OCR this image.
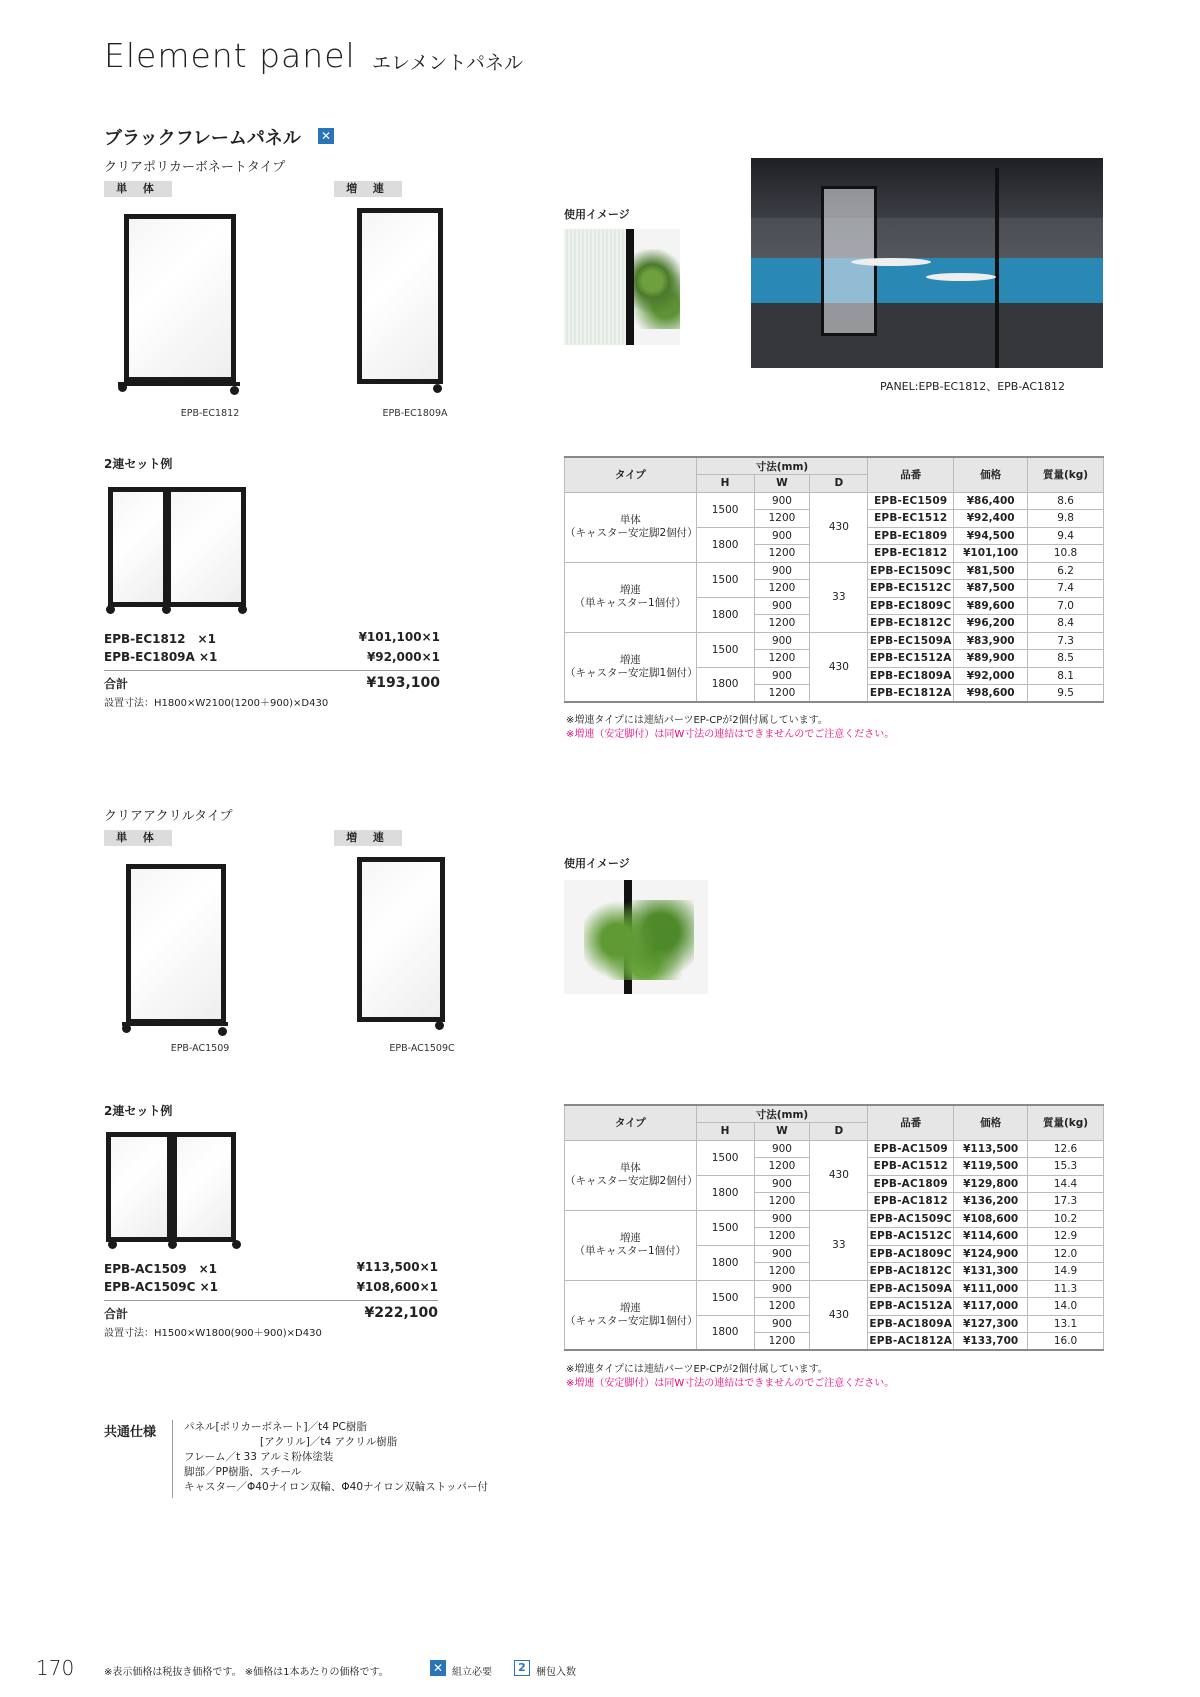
Element panel エレメントパネル
ブラックフレームパネル ✕
クリアポリカーボネートタイプ
単 体	増 連
EPB-EC1812	EPB-EC1809A
使用イメージ
PANEL:EPB-EC1812、EPB-AC1812
2連セット例
EPB-EC1812　×1	¥101,100×1
EPB-EC1809A ×1	¥92,000×1
合計	¥193,100
設置寸法：H1800×W2100(1200＋900)×D430
タイプ	寸法(mm)			品番	価格	質量(kg)
	H	W	D			

単体
（キャスター安定脚2個付）	1500	900	430	EPB-EC1509	¥86,400	8.6
		1200		EPB-EC1512	¥92,400	9.8
	1800	900		EPB-EC1809	¥94,500	9.4
		1200		EPB-EC1812	¥101,100	10.8

増連
（単キャスター1個付）	1500	900	33	EPB-EC1509C	¥81,500	6.2
		1200		EPB-EC1512C	¥87,500	7.4
	1800	900		EPB-EC1809C	¥89,600	7.0
		1200		EPB-EC1812C	¥96,200	8.4

増連
（キャスター安定脚1個付）	1500	900	430	EPB-EC1509A	¥83,900	7.3
		1200		EPB-EC1512A	¥89,900	8.5
	1800	900		EPB-EC1809A	¥92,000	8.1
		1200		EPB-EC1812A	¥98,600	9.5
※増連タイプには連結パーツEP-CPが2個付属しています。
※増連（安定脚付）は同W寸法の連結はできませんのでご注意ください。
クリアアクリルタイプ
単 体	増 連
EPB-AC1509	EPB-AC1509C
使用イメージ
2連セット例
EPB-AC1509　×1	¥113,500×1
EPB-AC1509C ×1	¥108,600×1
合計	¥222,100
設置寸法：H1500×W1800(900＋900)×D430
タイプ	寸法(mm)			品番	価格	質量(kg)
	H	W	D			

単体
（キャスター安定脚2個付）	1500	900	430	EPB-AC1509	¥113,500	12.6
		1200		EPB-AC1512	¥119,500	15.3
	1800	900		EPB-AC1809	¥129,800	14.4
		1200		EPB-AC1812	¥136,200	17.3

増連
（単キャスター1個付）	1500	900	33	EPB-AC1509C	¥108,600	10.2
		1200		EPB-AC1512C	¥114,600	12.9
	1800	900		EPB-AC1809C	¥124,900	12.0
		1200		EPB-AC1812C	¥131,300	14.9

増連
（キャスター安定脚1個付）	1500	900	430	EPB-AC1509A	¥111,000	11.3
		1200		EPB-AC1512A	¥117,000	14.0
	1800	900		EPB-AC1809A	¥127,300	13.1
		1200		EPB-AC1812A	¥133,700	16.0
※増連タイプには連結パーツEP-CPが2個付属しています。
※増連（安定脚付）は同W寸法の連結はできませんのでご注意ください。
共通仕様	パネル[ポリカーボネート]／t4 PC樹脂
[アクリル]／t4 アクリル樹脂
フレーム／t 33 アルミ粉体塗装
脚部／PP樹脂、スチール
キャスター／Φ40ナイロン双輪、Φ40ナイロン双輪ストッパー付
170	※表示価格は税抜き価格です。 ※価格は1本あたりの価格です。	✕ 組立必要	2	梱包入数
